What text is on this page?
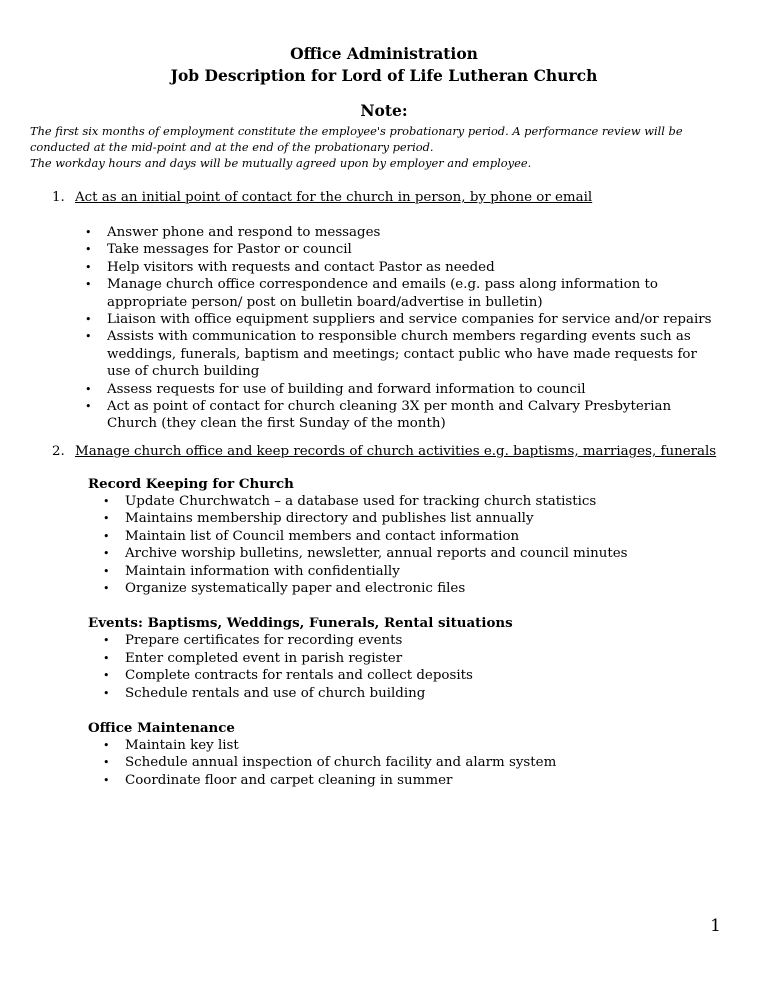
Office Administration
Job Description for Lord of Life Lutheran Church
Note:
The first six months of employment constitute the employee's probationary period. A performance review will be
conducted at the mid-point and at the end of the probationary period.
The workday hours and days will be mutually agreed upon by employer and employee.
1. Act as an initial point of contact for the church in person, by phone or email
• Answer phone and respond to messages
• Take messages for Pastor or council
• Help visitors with requests and contact Pastor as needed
• Manage church office correspondence and emails (e.g. pass along information to appropriate person/ post on bulletin board/advertise in bulletin)
• Liaison with office equipment suppliers and service companies for service and/or repairs
• Assists with communication to responsible church members regarding events such as weddings, funerals, baptism and meetings; contact public who have made requests for use of church building
• Assess requests for use of building and forward information to council
• Act as point of contact for church cleaning 3X per month and Calvary Presbyterian Church (they clean the first Sunday of the month)
2. Manage church office and keep records of church activities e.g. baptisms, marriages, funerals
Record Keeping for Church
• Update Churchwatch – a database used for tracking church statistics
• Maintains membership directory and publishes list annually
• Maintain list of Council members and contact information
• Archive worship bulletins, newsletter, annual reports and council minutes
• Maintain information with confidentially
• Organize systematically paper and electronic files
Events: Baptisms, Weddings, Funerals, Rental situations
• Prepare certificates for recording events
• Enter completed event in parish register
• Complete contracts for rentals and collect deposits
• Schedule rentals and use of church building
Office Maintenance
• Maintain key list
• Schedule annual inspection of church facility and alarm system
• Coordinate floor and carpet cleaning in summer
1
